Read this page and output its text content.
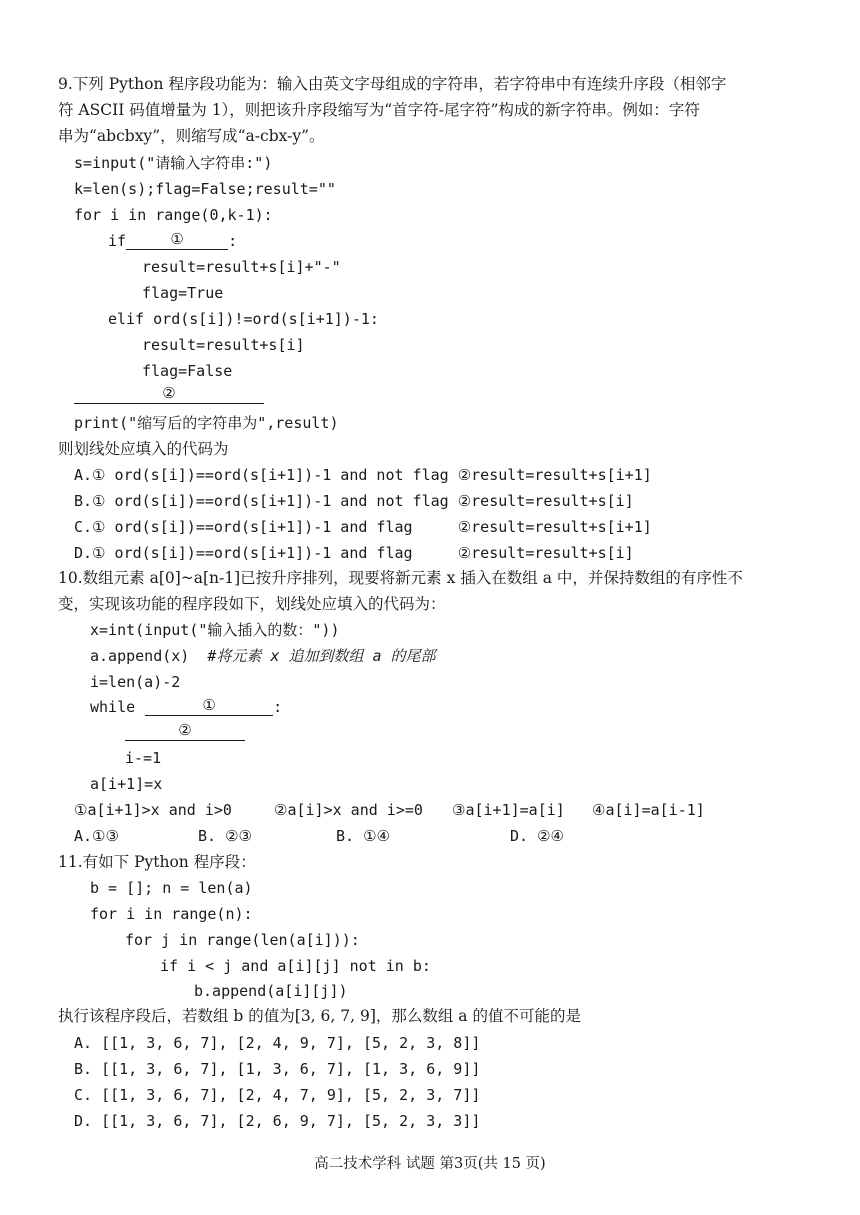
9.下列 Python 程序段功能为：输入由英文字母组成的字符串，若字符串中有连续升序段（相邻字
符 ASCII 码值增量为 1），则把该升序段缩写为“首字符-尾字符”构成的新字符串。例如：字符
串为“abcbxy”，则缩写成“a-cbx-y”。
s=input("请输入字符串:")
k=len(s);flag=False;result=""
for i in range(0,k-1):
if	①	:
result=result+s[i]+"-"
flag=True
elif ord(s[i])!=ord(s[i+1])-1:
result=result+s[i]
flag=False
②
print("缩写后的字符串为",result)
则划线处应填入的代码为
A.① ord(s[i])==ord(s[i+1])-1 and not flag ②result=result+s[i+1]
B.① ord(s[i])==ord(s[i+1])-1 and not flag ②result=result+s[i]
C.① ord(s[i])==ord(s[i+1])-1 and flag     ②result=result+s[i+1]
D.① ord(s[i])==ord(s[i+1])-1 and flag     ②result=result+s[i]
10.数组元素 a[0]~a[n-1]已按升序排列，现要将新元素 x 插入在数组 a 中，并保持数组的有序性不
变，实现该功能的程序段如下，划线处应填入的代码为：
x=int(input("输入插入的数："))
a.append(x) #将元素 x 追加到数组 a 的尾部
i=len(a)-2
while	①	:
②
i-=1
a[i+1]=x
①a[i+1]>x and i>0	②a[i]>x and i>=0 ③a[i+1]=a[i] ④a[i]=a[i-1]
A.①③	B. ②③	B. ①④	D. ②④
11.有如下 Python 程序段：
b = []; n = len(a)
for i in range(n):
for j in range(len(a[i])):
if i < j and a[i][j] not in b:
b.append(a[i][j])
执行该程序段后，若数组 b 的值为[3, 6, 7, 9]，那么数组 a 的值不可能的是
A. [[1, 3, 6, 7], [2, 4, 9, 7], [5, 2, 3, 8]]
B. [[1, 3, 6, 7], [1, 3, 6, 7], [1, 3, 6, 9]]
C. [[1, 3, 6, 7], [2, 4, 7, 9], [5, 2, 3, 7]]
D. [[1, 3, 6, 7], [2, 6, 9, 7], [5, 2, 3, 3]]
高二技术学科 试题 第3页(共 15 页)
